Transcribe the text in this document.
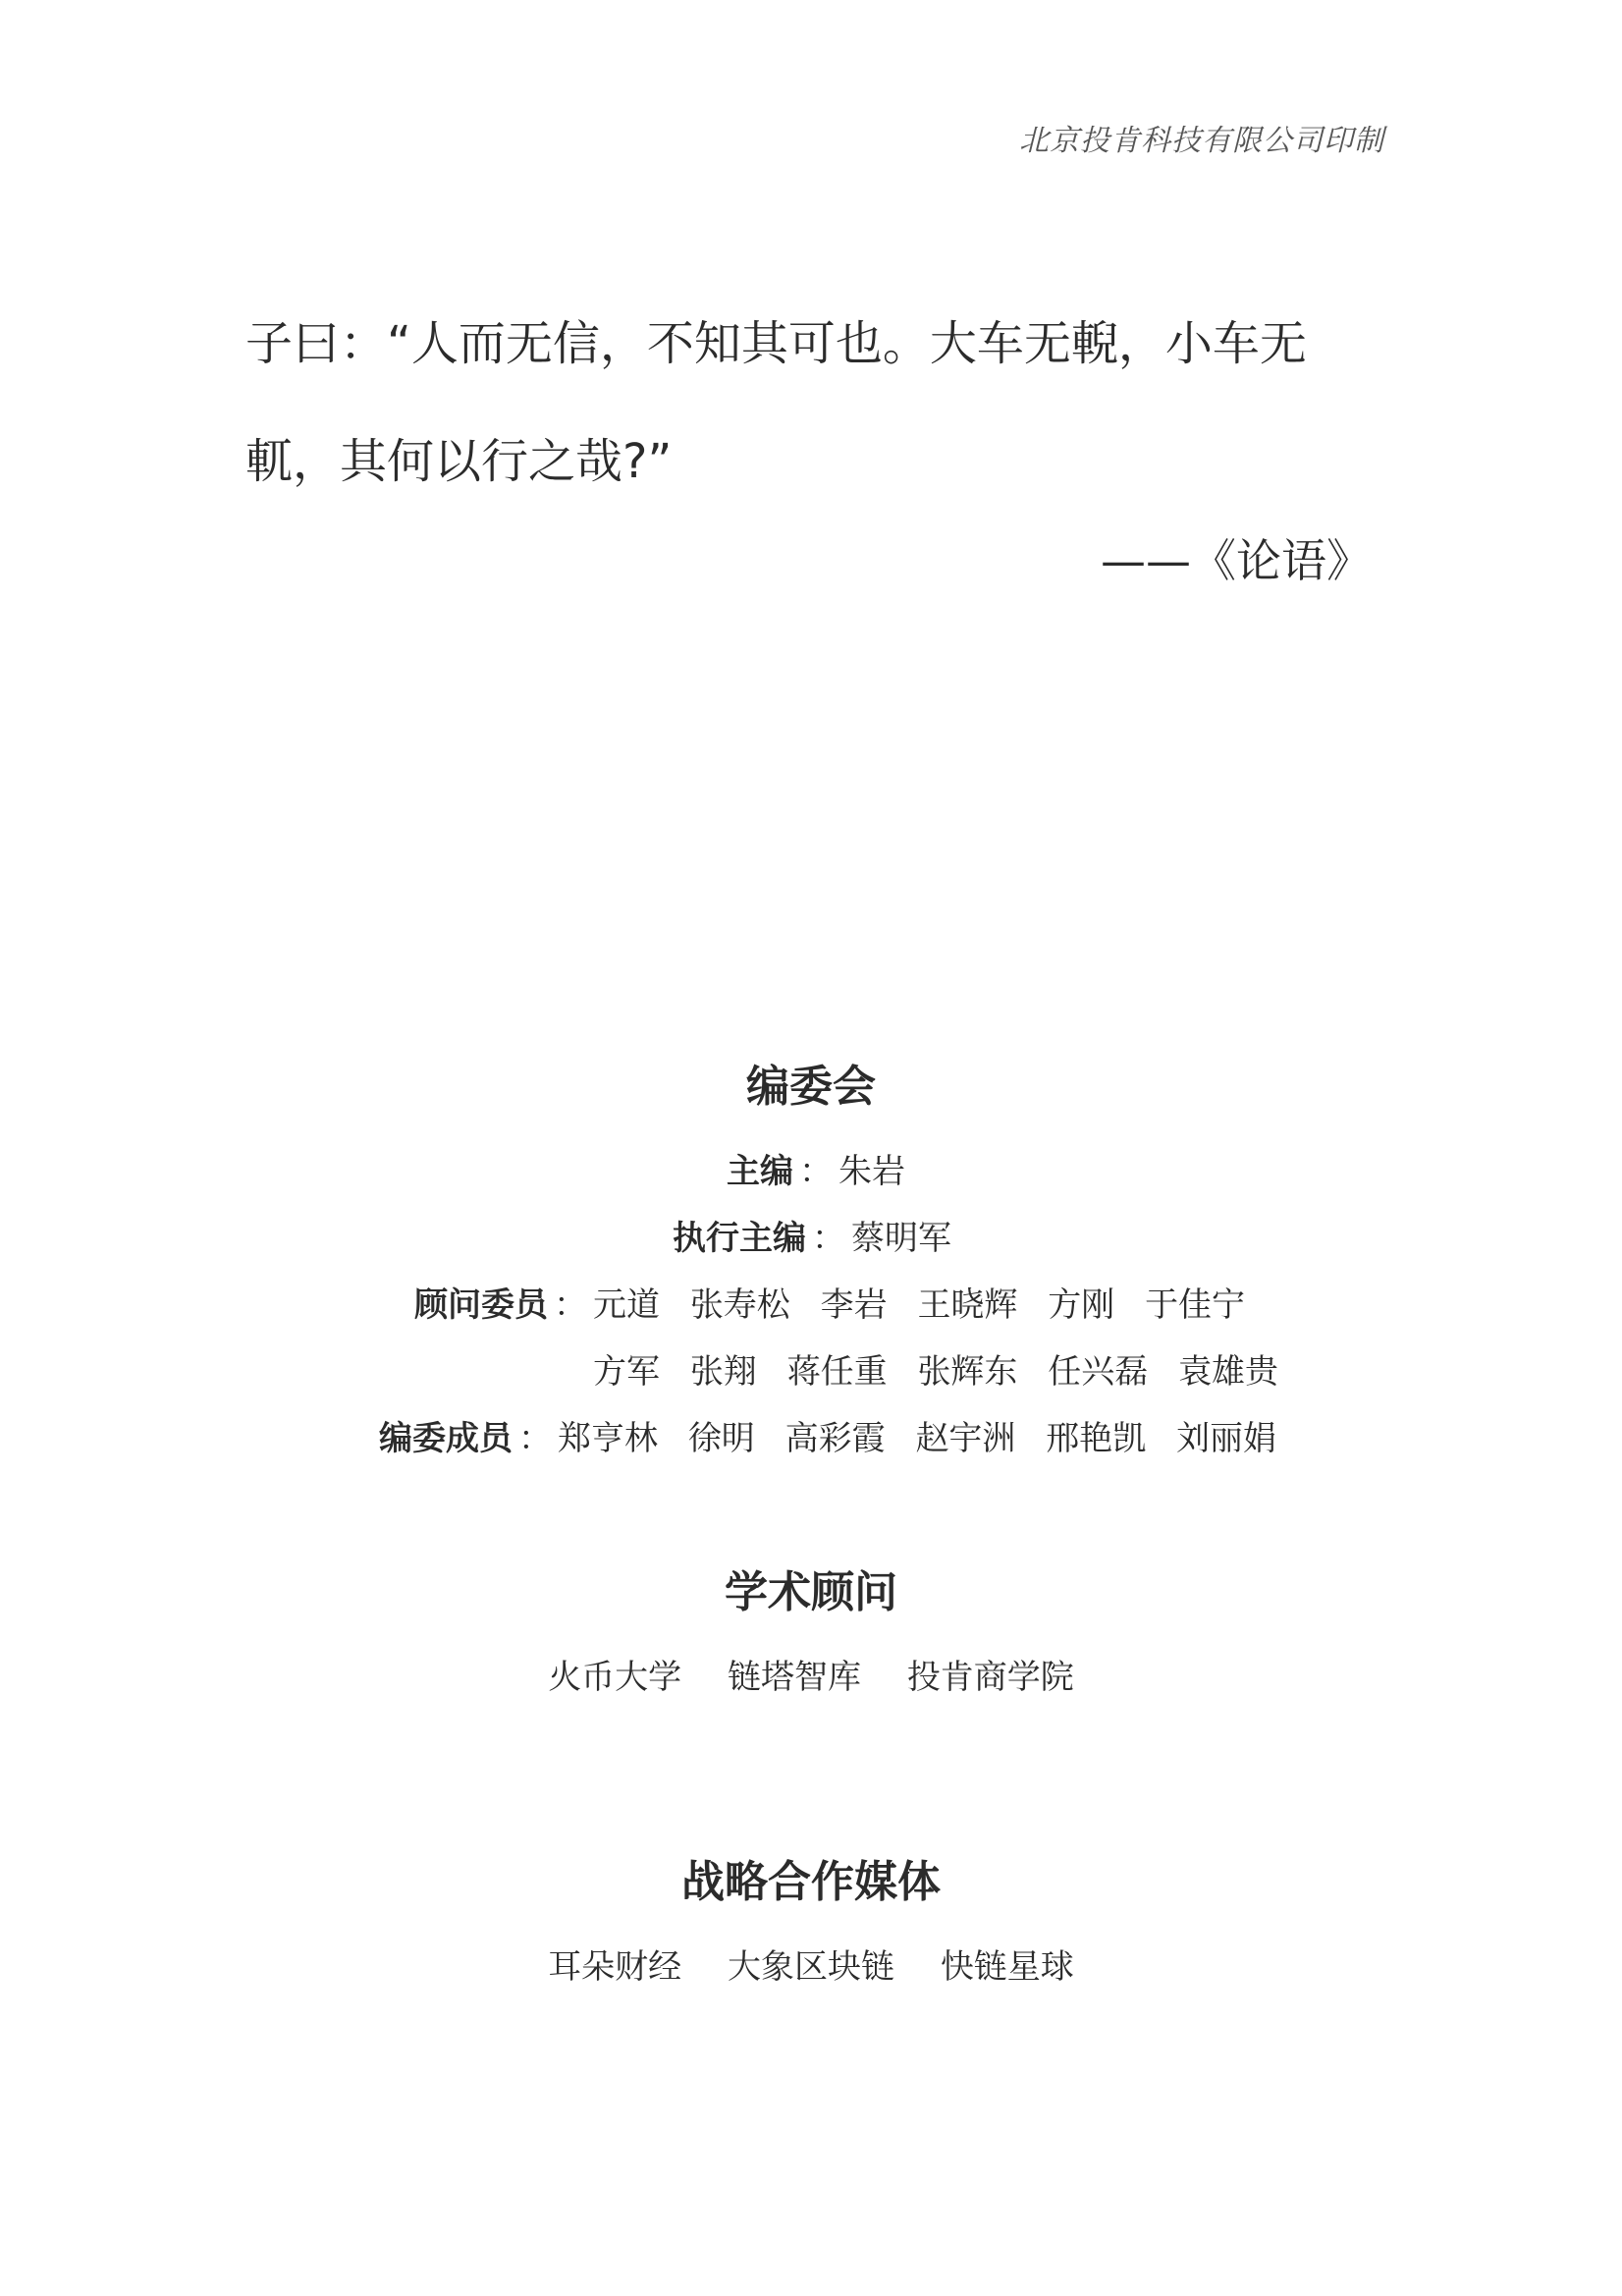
北京投肯科技有限公司印制
子曰：“人而无信，不知其可也。大车无輗，小车无
軏，其何以行之哉?”
——《论语》
编委会
主编 ： 朱岩
执行主编 ： 蔡明军
顾问委员 ： 元道 张寿松 李岩 王晓辉 方刚 于佳宁
方军 张翔 蒋任重 张辉东 任兴磊 袁雄贵
编委成员 ： 郑亨林 徐明 高彩霞 赵宇洲 邢艳凯 刘丽娟
学术顾问
火币大学 链塔智库 投肯商学院
战略合作媒体
耳朵财经 大象区块链 快链星球
